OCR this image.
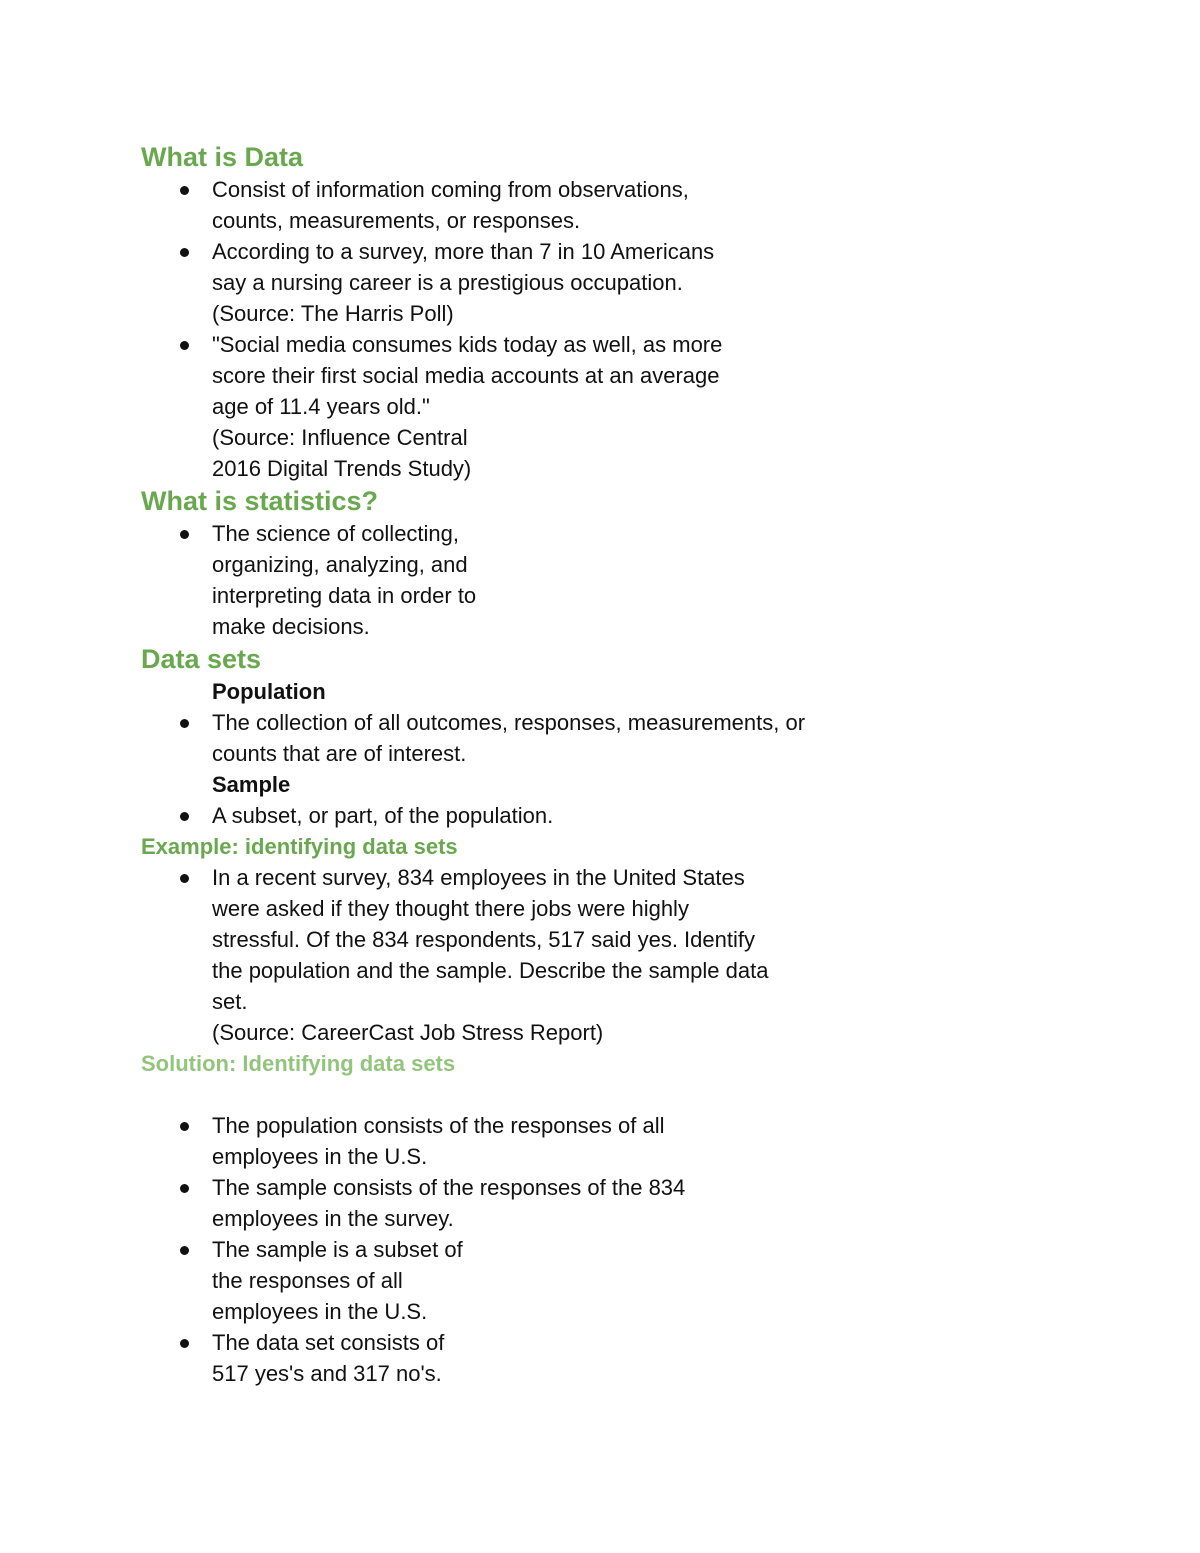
What is Data
Consist of information coming from observations,
counts, measurements, or responses.
According to a survey, more than 7 in 10 Americans
say a nursing career is a prestigious occupation.
(Source: The Harris Poll)
"Social media consumes kids today as well, as more
score their first social media accounts at an average
age of 11.4 years old."
(Source: Influence Central
2016 Digital Trends Study)
What is statistics?
The science of collecting,
organizing, analyzing, and
interpreting data in order to
make decisions.
Data sets
Population
The collection of all outcomes, responses, measurements, or
counts that are of interest.
Sample
A subset, or part, of the population.
Example: identifying data sets
In a recent survey, 834 employees in the United States
were asked if they thought there jobs were highly
stressful. Of the 834 respondents, 517 said yes. Identify
the population and the sample. Describe the sample data
set.
(Source: CareerCast Job Stress Report)
Solution: Identifying data sets
The population consists of the responses of all
employees in the U.S.
The sample consists of the responses of the 834
employees in the survey.
The sample is a subset of
the responses of all
employees in the U.S.
The data set consists of
517 yes's and 317 no's.
